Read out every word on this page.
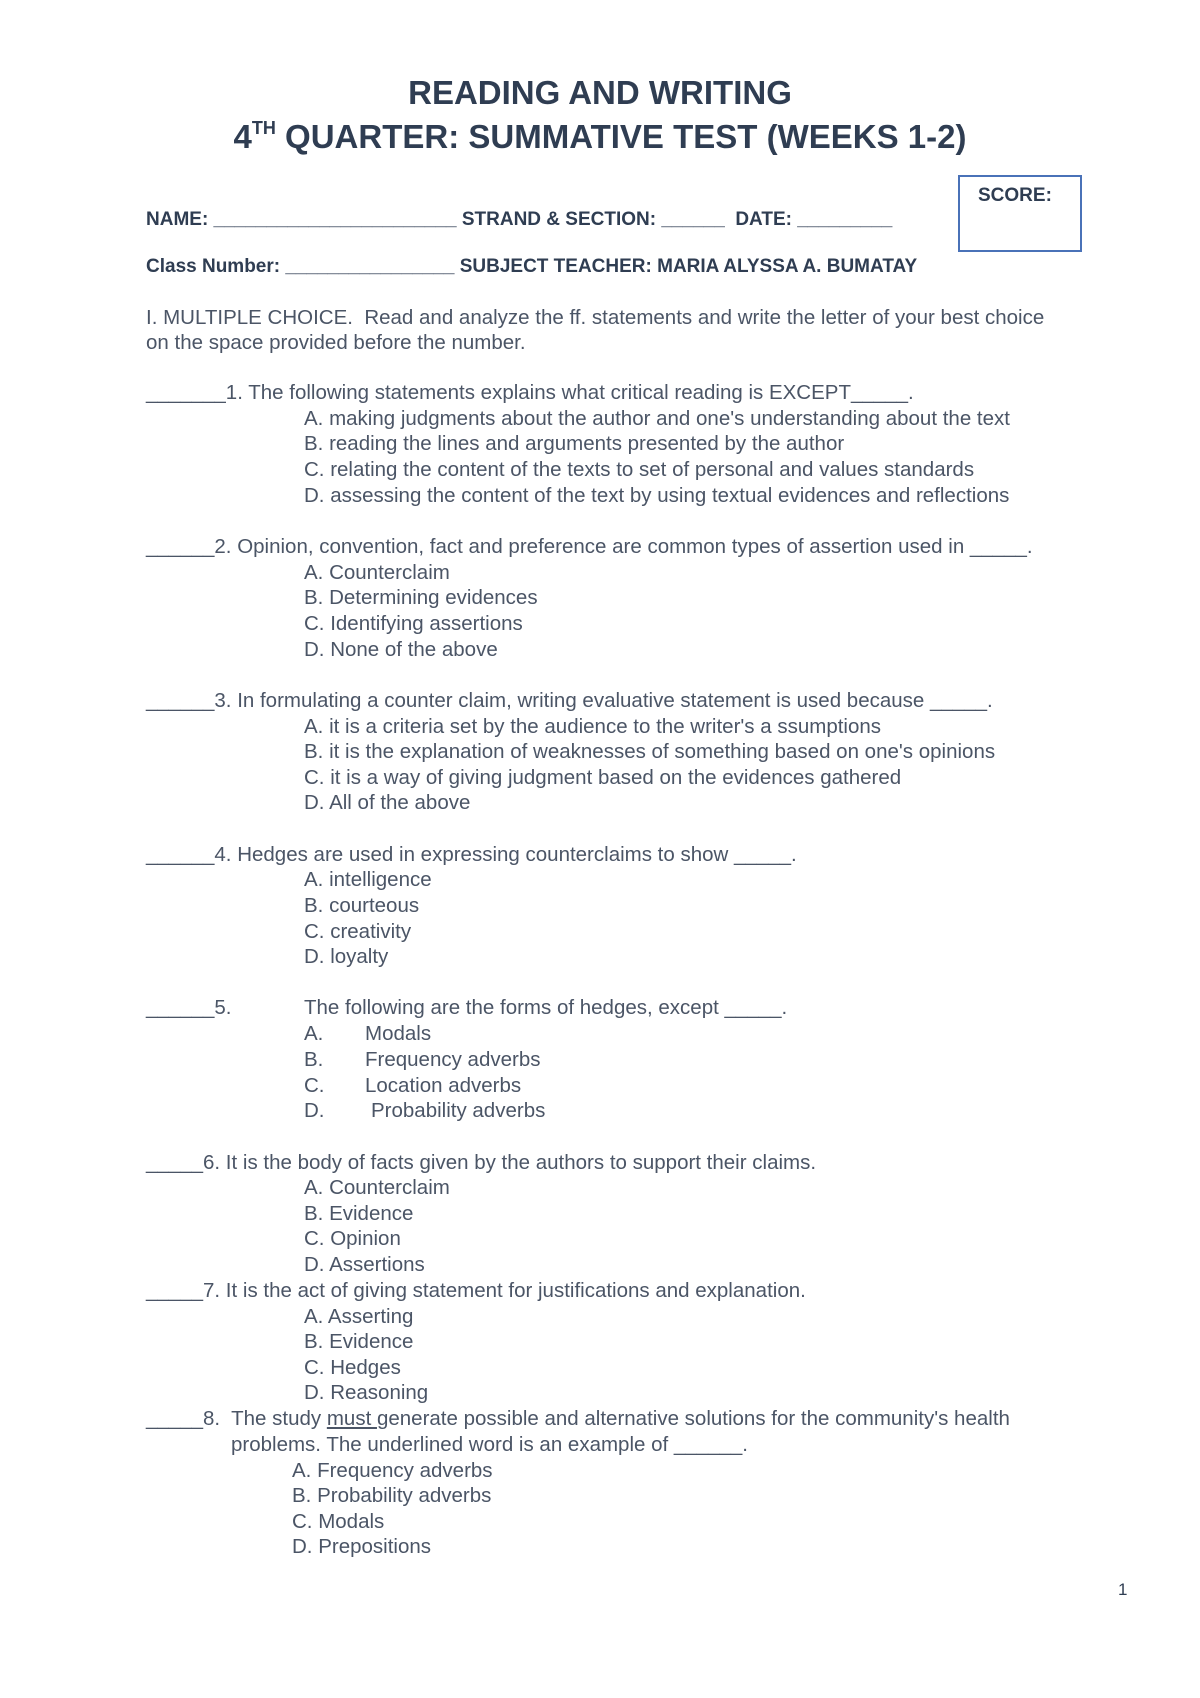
READING AND WRITING
4TH QUARTER: SUMMATIVE TEST (WEEKS 1-2)
SCORE:
NAME: _______________________ STRAND & SECTION: ______  DATE: _________
Class Number: ________________ SUBJECT TEACHER: MARIA ALYSSA A. BUMATAY
I. MULTIPLE CHOICE.  Read and analyze the ff. statements and write the letter of your best choice
on the space provided before the number.
_______1. The following statements explains what critical reading is EXCEPT_____.
A. making judgments about the author and one's understanding about the text
B. reading the lines and arguments presented by the author
C. relating the content of the texts to set of personal and values standards
D. assessing the content of the text by using textual evidences and reflections
______2. Opinion, convention, fact and preference are common types of assertion used in _____.
A. Counterclaim
B. Determining evidences
C. Identifying assertions
D. None of the above
______3. In formulating a counter claim, writing evaluative statement is used because _____.
A. it is a criteria set by the audience to the writer's a ssumptions
B. it is the explanation of weaknesses of something based on one's opinions
C. it is a way of giving judgment based on the evidences gathered
D. All of the above
______4. Hedges are used in expressing counterclaims to show _____.
A. intelligence
B. courteous
C. creativity
D. loyalty
______5.	The following are the forms of hedges, except _____.
A. Modals
B. Frequency adverbs
C. Location adverbs
D. Probability adverbs
_____6. It is the body of facts given by the authors to support their claims.
A. Counterclaim
B. Evidence
C. Opinion
D. Assertions
_____7. It is the act of giving statement for justifications and explanation.
A. Asserting
B. Evidence
C. Hedges
D. Reasoning
_____8.  The study must generate possible and alternative solutions for the community's health
problems. The underlined word is an example of ______.
A. Frequency adverbs
B. Probability adverbs
C. Modals
D. Prepositions
1
